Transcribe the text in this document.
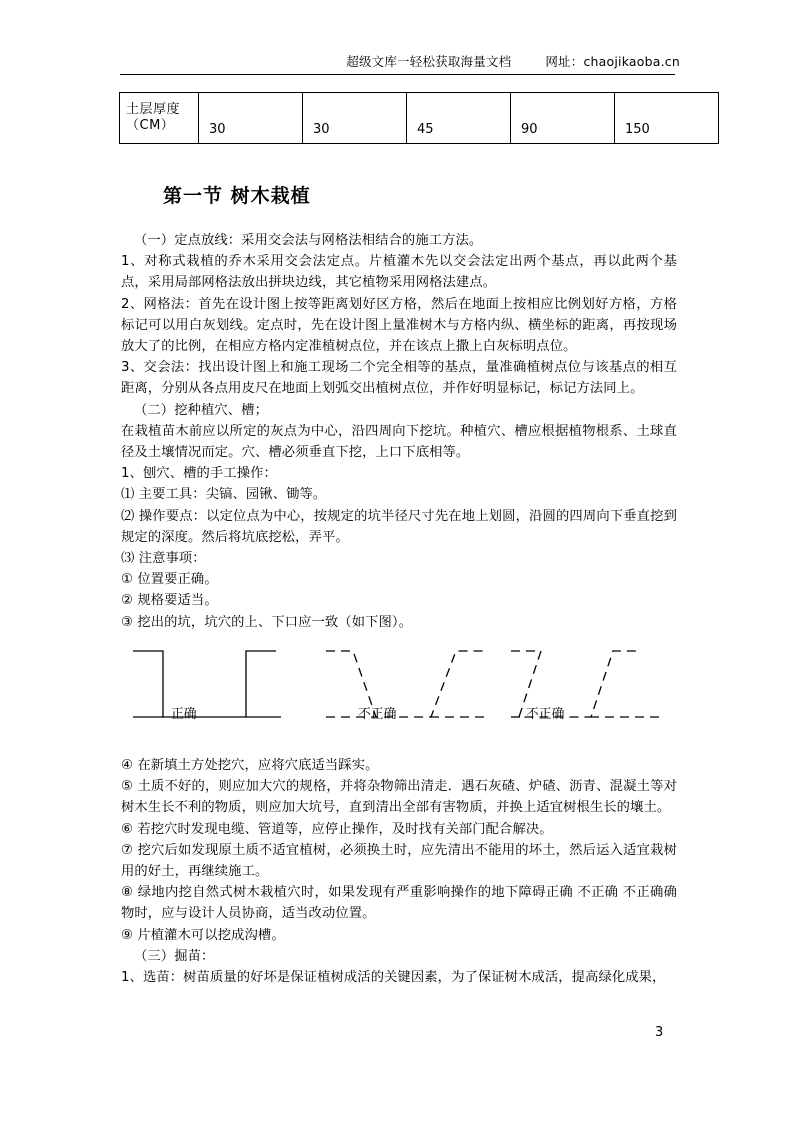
超级文库一轻松获取海量文档	网址：chaojikaoba.cn
土层厚度（CM）	30	30	45	90	150
第一节 树木栽植

（一）定点放线：采用交会法与网格法相结合的施工方法。

1、对称式栽植的乔木采用交会法定点。片植灌木先以交会法定出两个基点，再以此两个基点，采用局部网格法放出拼块边线，其它植物采用网格法建点。

2、网格法：首先在设计图上按等距离划好区方格，然后在地面上按相应比例划好方格，方格标记可以用白灰划线。定点时，先在设计图上量准树木与方格内纵、横坐标的距离，再按现场放大了的比例，在相应方格内定准植树点位，并在该点上撒上白灰标明点位。

3、交会法：找出设计图上和施工现场二个完全相等的基点，量准确植树点位与该基点的相互距离，分别从各点用皮尺在地面上划弧交出植树点位，并作好明显标记，标记方法同上。

（二）挖种植穴、槽；

在栽植苗木前应以所定的灰点为中心，沿四周向下挖坑。种植穴、槽应根据植物根系、土球直径及土壤情况而定。穴、槽必须垂直下挖，上口下底相等。

1、刨穴、槽的手工操作：

⑴ 主要工具：尖镐、园锹、锄等。

⑵ 操作要点：以定位点为中心，按规定的坑半径尺寸先在地上划圆，沿圆的四周向下垂直挖到规定的深度。然后将坑底挖松，弄平。

⑶ 注意事项：

① 位置要正确。

② 规格要适当。

③ 挖出的坑，坑穴的上、下口应一致（如下图）。

正确	不正确	不正确

④ 在新填土方处挖穴，应将穴底适当踩实。

⑤ 土质不好的，则应加大穴的规格，并将杂物筛出清走．遇石灰碴、炉碴、沥青、混凝土等对树木生长不利的物质，则应加大坑号，直到清出全部有害物质，并换上适宜树根生长的壤土。

⑥ 若挖穴时发现电缆、管道等，应停止操作，及时找有关部门配合解决。

⑦ 挖穴后如发现原土质不适宜植树，必须换土时，应先清出不能用的坏土，然后运入适宜栽树用的好土，再继续施工。

⑧ 绿地内挖自然式树木栽植穴时，如果发现有严重影响操作的地下障碍正确 不正确 不正确确物时，应与设计人员协商，适当改动位置。

⑨ 片植灌木可以挖成沟槽。

（三）掘苗：

1、选苗：树苗质量的好坏是保证植树成活的关键因素，为了保证树木成活，提高绿化成果，

3
